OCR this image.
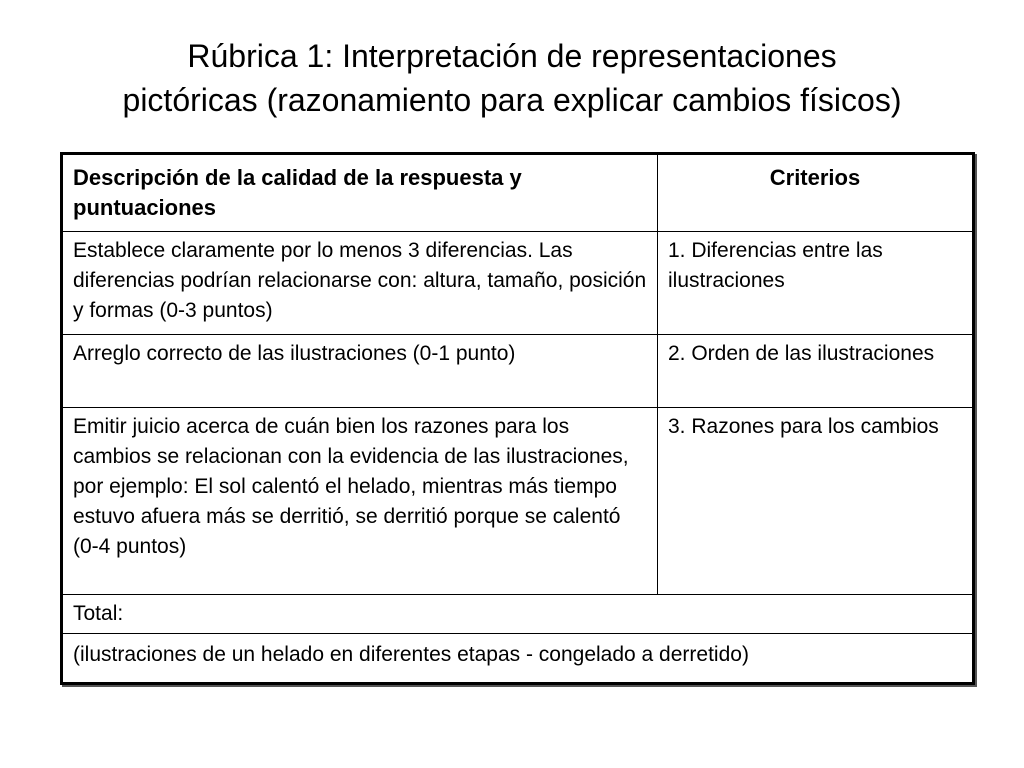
Rúbrica 1: Interpretación de representaciones
pictóricas (razonamiento para explicar cambios físicos)
Descripción de la calidad de la respuesta y puntuaciones	Criterios
Establece claramente por lo menos 3 diferencias. Las diferencias podrían relacionarse con: altura, tamaño, posición y formas (0-3 puntos)	1. Diferencias entre las ilustraciones
Arreglo correcto de las ilustraciones (0-1 punto)	2. Orden de las ilustraciones
Emitir juicio acerca de cuán bien los razones para los cambios se relacionan con la evidencia de las ilustraciones, por ejemplo: El sol calentó el helado, mientras más tiempo estuvo afuera más se derritió, se derritió porque se calentó (0-4 puntos)	3. Razones para los cambios
Total:	
(ilustraciones de un helado en diferentes etapas - congelado a derretido)	
